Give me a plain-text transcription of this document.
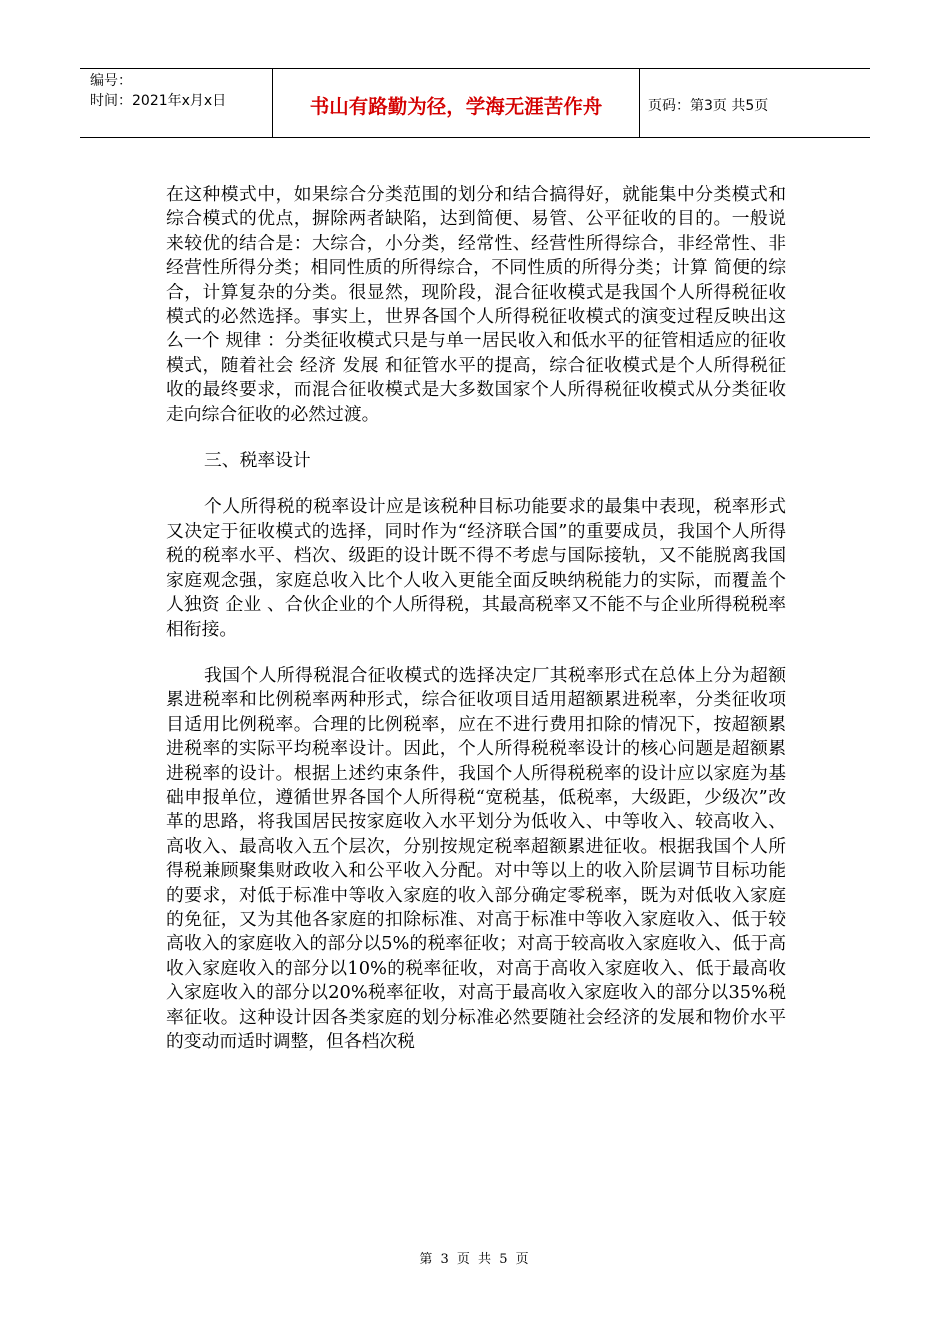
编号：
时间：2021年x月x日	书山有路勤为径，学海无涯苦作舟	页码：第3页 共5页

在这种模式中，如果综合分类范围的划分和结合搞得好，就能集中分类模式和综合模式的优点，摒除两者缺陷，达到简便、易管、公平征收的目的。一般说来较优的结合是：大综合，小分类，经常性、经营性所得综合，非经常性、非经营性所得分类；相同性质的所得综合，不同性质的所得分类；计算 简便的综合，计算复杂的分类。很显然，现阶段，混合征收模式是我国个人所得税征收模式的必然选择。事实上，世界各国个人所得税征收模式的演变过程反映出这么一个 规律 ：分类征收模式只是与单一居民收入和低水平的征管相适应的征收模式，随着社会 经济 发展 和征管水平的提高，综合征收模式是个人所得税征收的最终要求，而混合征收模式是大多数国家个人所得税征收模式从分类征收走向综合征收的必然过渡。

三、税率设计

个人所得税的税率设计应是该税种目标功能要求的最集中表现，税率形式又决定于征收模式的选择，同时作为“经济联合国”的重要成员，我国个人所得税的税率水平、档次、级距的设计既不得不考虑与国际接轨，又不能脱离我国家庭观念强，家庭总收入比个人收入更能全面反映纳税能力的实际，而覆盖个人独资 企业 、合伙企业的个人所得税，其最高税率又不能不与企业所得税税率相衔接。

我国个人所得税混合征收模式的选择决定厂其税率形式在总体上分为超额累进税率和比例税率两种形式，综合征收项目适用超额累进税率，分类征收项目适用比例税率。合理的比例税率，应在不进行费用扣除的情况下，按超额累进税率的实际平均税率设计。因此，个人所得税税率设计的核心问题是超额累进税率的设计。根据上述约束条件，我国个人所得税税率的设计应以家庭为基础申报单位，遵循世界各国个人所得税“宽税基，低税率，大级距，少级次”改革的思路，将我国居民按家庭收入水平划分为低收入、中等收入、较高收入、高收入、最高收入五个层次，分别按规定税率超额累进征收。根据我国个人所得税兼顾聚集财政收入和公平收入分配。对中等以上的收入阶层调节目标功能的要求，对低于标准中等收入家庭的收入部分确定零税率，既为对低收入家庭的免征，又为其他各家庭的扣除标准、对高于标准中等收入家庭收入、低于较高收入的家庭收入的部分以5%的税率征收；对高于较高收入家庭收入、低于高收入家庭收入的部分以10%的税率征收，对高于高收入家庭收入、低于最高收入家庭收入的部分以20%税率征收，对高于最高收入家庭收入的部分以35%税率征收。这种设计因各类家庭的划分标准必然要随社会经济的发展和物价水平的变动而适时调整，但各档次税

第 3 页 共 5 页
